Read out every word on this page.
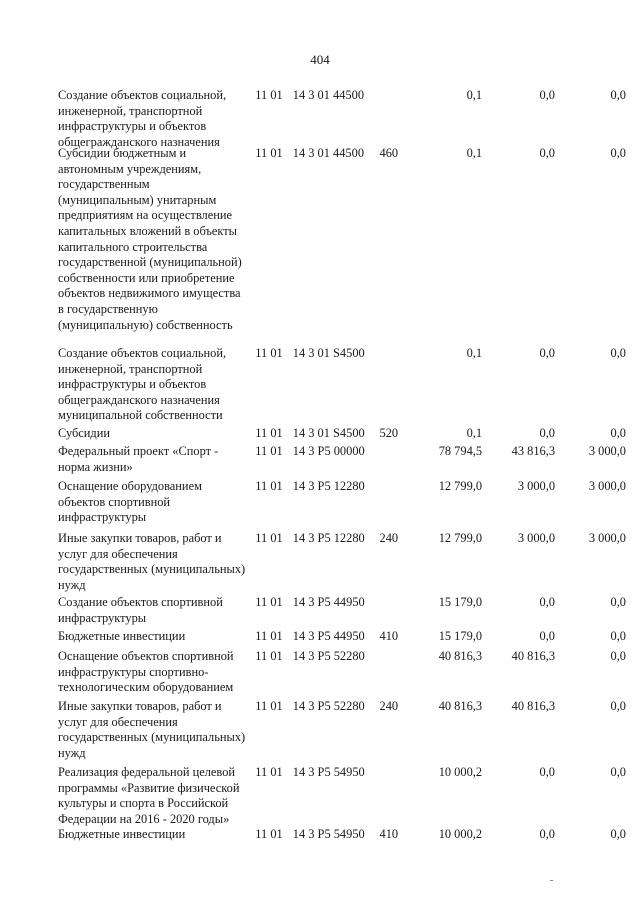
404
Создание объектов социальной, инженерной, транспортной инфраструктуры и объектов общегражданского назначения
11 01 14 3 01 44500	0,1	0,0	0,0
Субсидии бюджетным и автономным учреждениям, государственным (муниципальным) унитарным предприятиям на осуществление капитальных вложений в объекты капитального строительства государственной (муниципальной) собственности или приобретение объектов недвижимого имущества в государственную (муниципальную) собственность
11 01 14 3 01 44500	460	0,1	0,0	0,0
Создание объектов социальной, инженерной, транспортной инфраструктуры и объектов общегражданского назначения муниципальной собственности
11 01 14 3 01 S4500	0,1	0,0	0,0
Субсидии	11 01 14 3 01 S4500	520	0,1	0,0	0,0
Федеральный проект «Спорт - норма жизни»
11 01 14 3 P5 00000	78 794,5	43 816,3	3 000,0
Оснащение оборудованием объектов спортивной инфраструктуры
11 01 14 3 P5 12280	12 799,0	3 000,0	3 000,0
Иные закупки товаров, работ и услуг для обеспечения государственных (муниципальных) нужд
11 01 14 3 P5 12280	240	12 799,0	3 000,0	3 000,0
Создание объектов спортивной инфраструктуры
11 01 14 3 P5 44950	15 179,0	0,0	0,0
Бюджетные инвестиции	11 01 14 3 P5 44950	410	15 179,0	0,0	0,0
Оснащение объектов спортивной инфраструктуры спортивно-технологическим оборудованием
11 01 14 3 P5 52280	40 816,3	40 816,3	0,0
Иные закупки товаров, работ и услуг для обеспечения государственных (муниципальных) нужд
11 01 14 3 P5 52280	240	40 816,3	40 816,3	0,0
Реализация федеральной целевой программы «Развитие физической культуры и спорта в Российской Федерации на 2016 - 2020 годы»
11 01 14 3 P5 54950	10 000,2	0,0	0,0
Бюджетные инвестиции	11 01 14 3 P5 54950	410	10 000,2	0,0	0,0
